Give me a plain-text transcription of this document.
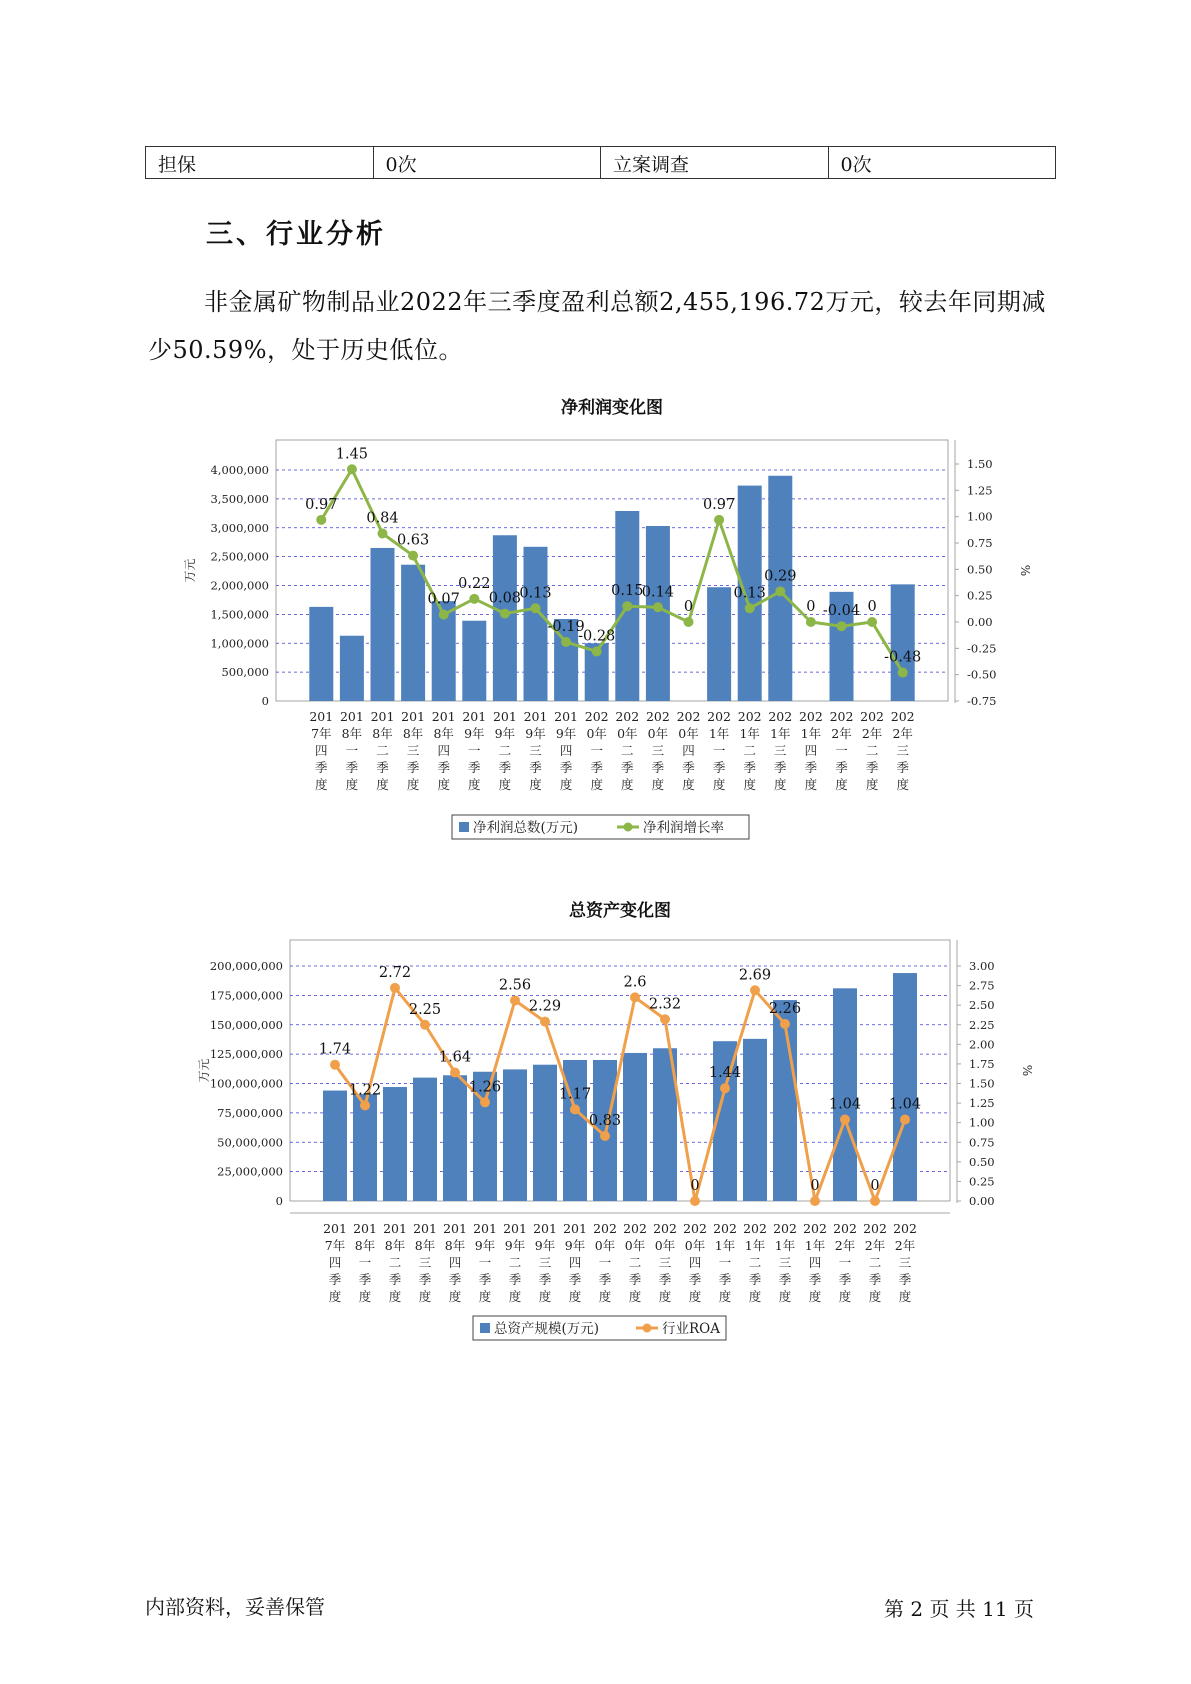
担保	0次	立案调查	0次
三、行业分析

非金属矿物制品业2022年三季度盈利总额2,455,196.72万元，较去年同期减少50.59%，处于历史低位。

净利润变化图
0
500,000
1,000,000
1,500,000
2,000,000
2,500,000
3,000,000
3,500,000
4,000,000
-0.75
-0.50
-0.25
0.00
0.25
0.50
0.75
1.00
1.25
1.50
万元	%
201
7年
四
季
度
201
8年
一
季
度
201
8年
二
季
度
201
8年
三
季
度
201
8年
四
季
度
201
9年
一
季
度
201
9年
二
季
度
201
9年
三
季
度
201
9年
四
季
度
202
0年
一
季
度
202
0年
二
季
度
202
0年
三
季
度
202
0年
四
季
度
202
1年
一
季
度
202
1年
二
季
度
202
1年
三
季
度
202
1年
四
季
度
202
2年
一
季
度
202
2年
二
季
度
202
2年
三
季
度
0.97
1.45
0.84
0.63
0.07
0.22
0.08
0.13
-0.19
-0.28
0.15
0.14
0
0.97
0.13
0.29
0 -0.04 0
-0.48
净利润总数(万元)	净利润增长率
总资产变化图
0
25,000,000
50,000,000
75,000,000
100,000,000
125,000,000
150,000,000
175,000,000
200,000,000
0.00
0.25
0.50
0.75
1.00
1.25
1.50
1.75
2.00
2.25
2.50
2.75
3.00
万元	%
201
7年
四
季
度
201
8年
一
季
度
201
8年
二
季
度
201
8年
三
季
度
201
8年
四
季
度
201
9年
一
季
度
201
9年
二
季
度
201
9年
三
季
度
201
9年
四
季
度
202
0年
一
季
度
202
0年
二
季
度
202
0年
三
季
度
202
0年
四
季
度
202
1年
一
季
度
202
1年
二
季
度
202
1年
三
季
度
202
1年
四
季
度
202
2年
一
季
度
202
2年
二
季
度
202
2年
三
季
度
1.74
1.22
2.72
2.25
1.64
1.26
2.56
2.29
1.17
0.83
2.6
2.32
0
1.44
2.69
2.26
0
1.04
0
1.04
总资产规模(万元)	行业ROA

内部资料，妥善保管	第 2 页 共 11 页
